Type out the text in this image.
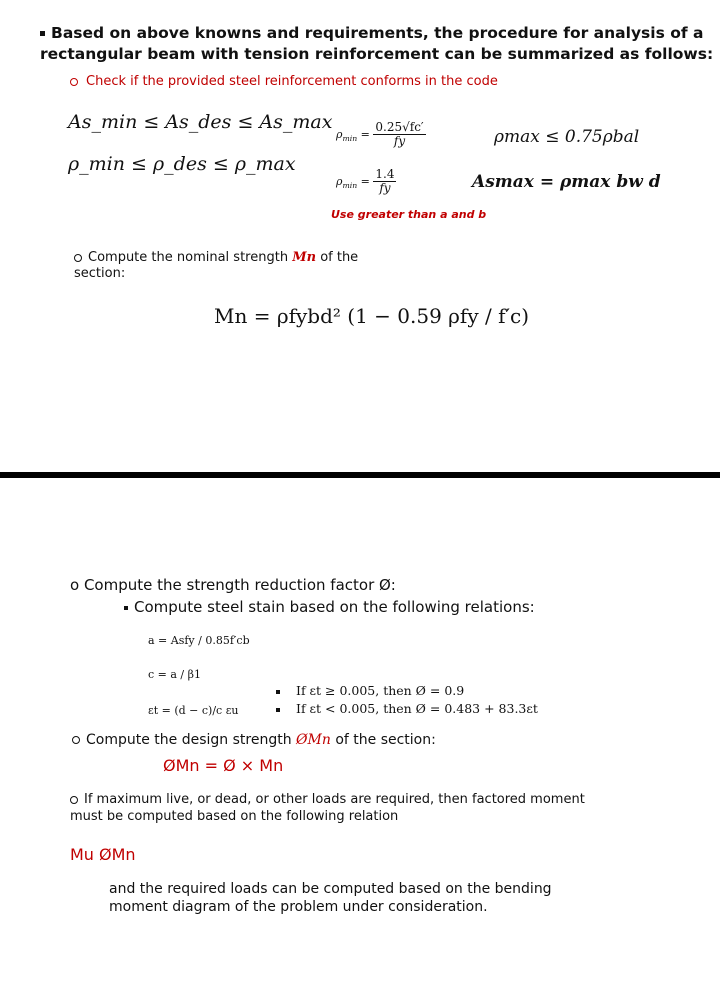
Based on above knowns and requirements, the procedure for analysis of a
rectangular beam with tension reinforcement can be summarized as follows:
Check if the provided steel reinforcement conforms in the code
As_min ≤ As_des ≤ As_max
ρ_min ≤ ρ_des ≤ ρ_max
$\rho_{min} = \frac{0.25√fc'}{fy}$
$\rho_{min} = \frac{1.4}{fy}$
ρmax ≤ 0.75ρbal
Asmax = ρmax bw d
Use greater than a and b
Compute the nominal strength Mn of the
section:
Mn = ρfybd² (1 − 0.59 ρfy / f′c)
o Compute the strength reduction factor Ø:
Compute steel stain based on the following relations:
a = Asfy / 0.85f′cb
c = a / β1
εt = (d − c)/c εu
If εt ≥ 0.005, then Ø = 0.9
If εt < 0.005, then Ø = 0.483 + 83.3εt
Compute the design strength ØMn of the section:
ØMn = Ø × Mn
If maximum live, or dead, or other loads are required, then factored moment
must be computed based on the following relation
Mu ØMn
and the required loads can be computed based on the bending
moment diagram of the problem under consideration.
